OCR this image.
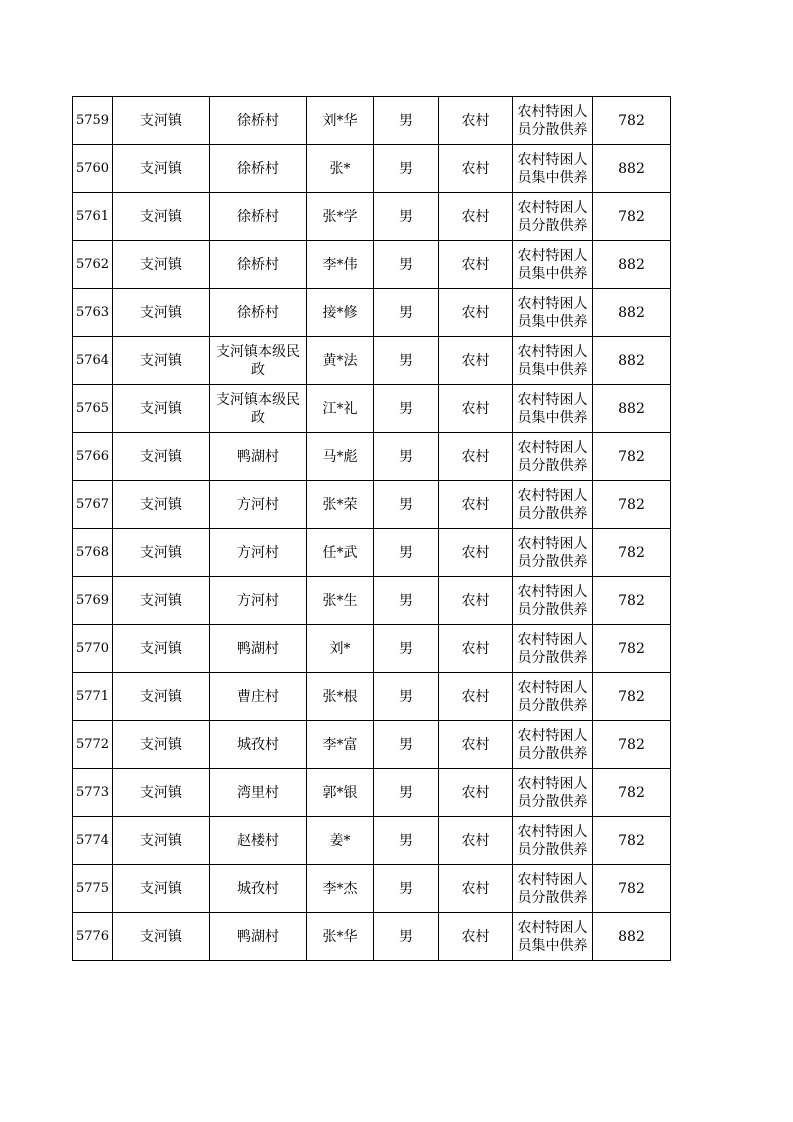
5759	支河镇	徐桥村	刘*华	男	农村	农村特困人员分散供养	782
5760	支河镇	徐桥村	张*	男	农村	农村特困人员集中供养	882
5761	支河镇	徐桥村	张*学	男	农村	农村特困人员分散供养	782
5762	支河镇	徐桥村	李*伟	男	农村	农村特困人员集中供养	882
5763	支河镇	徐桥村	接*修	男	农村	农村特困人员集中供养	882
5764	支河镇	支河镇本级民政	黄*法	男	农村	农村特困人员集中供养	882
5765	支河镇	支河镇本级民政	江*礼	男	农村	农村特困人员集中供养	882
5766	支河镇	鸭湖村	马*彪	男	农村	农村特困人员分散供养	782
5767	支河镇	方河村	张*荣	男	农村	农村特困人员分散供养	782
5768	支河镇	方河村	任*武	男	农村	农村特困人员分散供养	782
5769	支河镇	方河村	张*生	男	农村	农村特困人员分散供养	782
5770	支河镇	鸭湖村	刘*	男	农村	农村特困人员分散供养	782
5771	支河镇	曹庄村	张*根	男	农村	农村特困人员分散供养	782
5772	支河镇	城孜村	李*富	男	农村	农村特困人员分散供养	782
5773	支河镇	湾里村	郭*银	男	农村	农村特困人员分散供养	782
5774	支河镇	赵楼村	姜*	男	农村	农村特困人员分散供养	782
5775	支河镇	城孜村	李*杰	男	农村	农村特困人员分散供养	782
5776	支河镇	鸭湖村	张*华	男	农村	农村特困人员集中供养	882
